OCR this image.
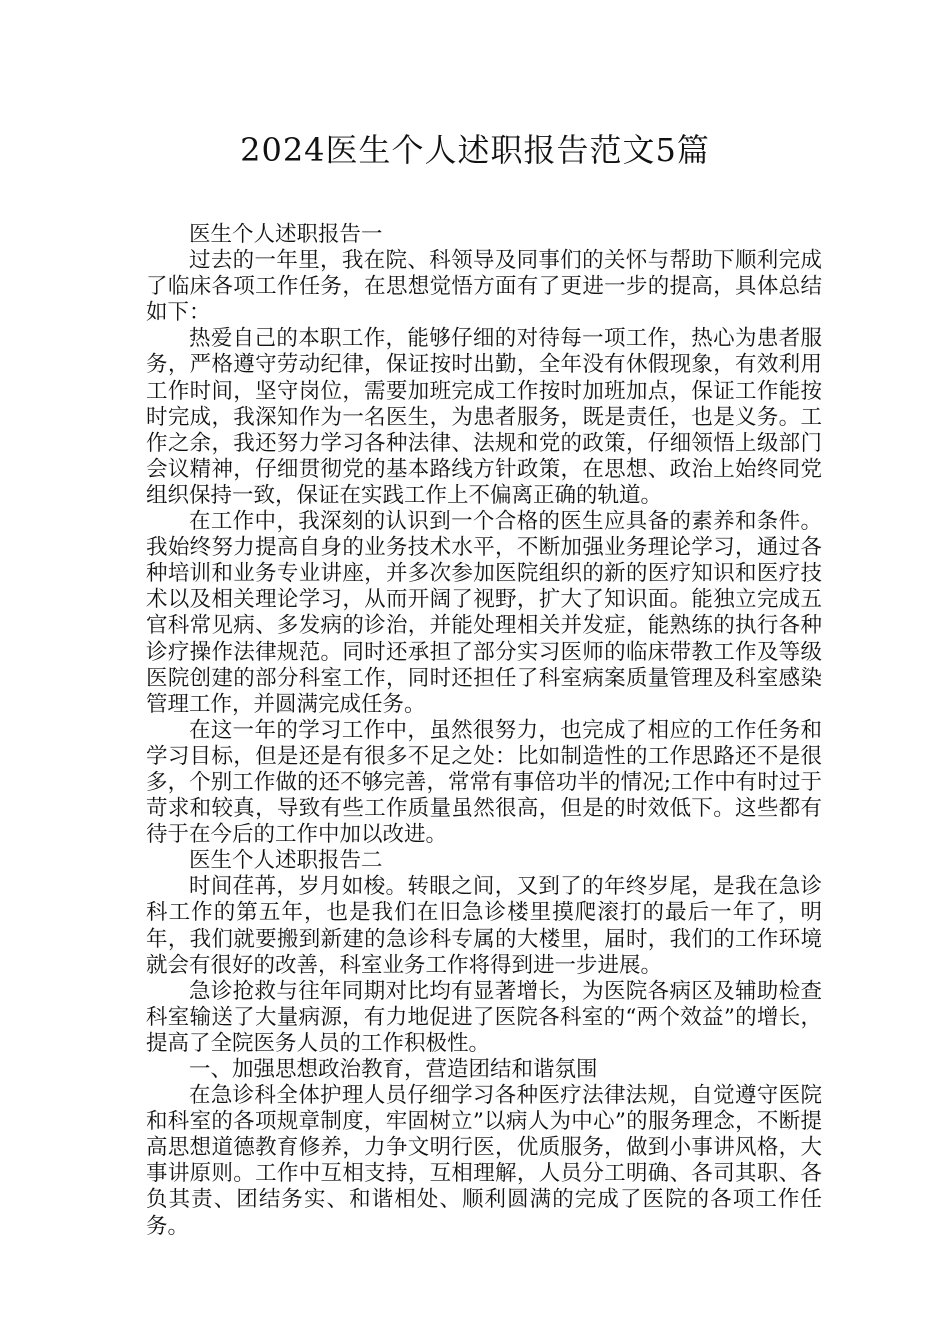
2024医生个人述职报告范文5篇

医生个人述职报告一

过去的一年里，我在院、科领导及同事们的关怀与帮助下顺利完成了临床各项工作任务，在思想觉悟方面有了更进一步的提高，具体总结如下：

热爱自己的本职工作，能够仔细的对待每一项工作，热心为患者服务，严格遵守劳动纪律，保证按时出勤，全年没有休假现象，有效利用工作时间，坚守岗位，需要加班完成工作按时加班加点，保证工作能按时完成，我深知作为一名医生，为患者服务，既是责任，也是义务。工作之余，我还努力学习各种法律、法规和党的政策，仔细领悟上级部门会议精神，仔细贯彻党的基本路线方针政策，在思想、政治上始终同党组织保持一致，保证在实践工作上不偏离正确的轨道。

在工作中，我深刻的认识到一个合格的医生应具备的素养和条件。我始终努力提高自身的业务技术水平，不断加强业务理论学习，通过各种培训和业务专业讲座，并多次参加医院组织的新的医疗知识和医疗技术以及相关理论学习，从而开阔了视野，扩大了知识面。能独立完成五官科常见病、多发病的诊治，并能处理相关并发症，能熟练的执行各种诊疗操作法律规范。同时还承担了部分实习医师的临床带教工作及等级医院创建的部分科室工作，同时还担任了科室病案质量管理及科室感染管理工作，并圆满完成任务。

在这一年的学习工作中，虽然很努力，也完成了相应的工作任务和学习目标，但是还是有很多不足之处：比如制造性的工作思路还不是很多，个别工作做的还不够完善，常常有事倍功半的情况;工作中有时过于苛求和较真，导致有些工作质量虽然很高，但是的时效低下。这些都有待于在今后的工作中加以改进。

医生个人述职报告二

时间荏苒，岁月如梭。转眼之间，又到了的年终岁尾，是我在急诊科工作的第五年，也是我们在旧急诊楼里摸爬滚打的最后一年了，明年，我们就要搬到新建的急诊科专属的大楼里，届时，我们的工作环境就会有很好的改善，科室业务工作将得到进一步进展。

急诊抢救与往年同期对比均有显著增长，为医院各病区及辅助检查科室输送了大量病源，有力地促进了医院各科室的“两个效益”的增长，提高了全院医务人员的工作积极性。

一、加强思想政治教育，营造团结和谐氛围

在急诊科全体护理人员仔细学习各种医疗法律法规，自觉遵守医院和科室的各项规章制度，牢固树立”以病人为中心”的服务理念，不断提高思想道德教育修养，力争文明行医，优质服务，做到小事讲风格，大事讲原则。工作中互相支持，互相理解，人员分工明确、各司其职、各负其责、团结务实、和谐相处、顺利圆满的完成了医院的各项工作任务。
